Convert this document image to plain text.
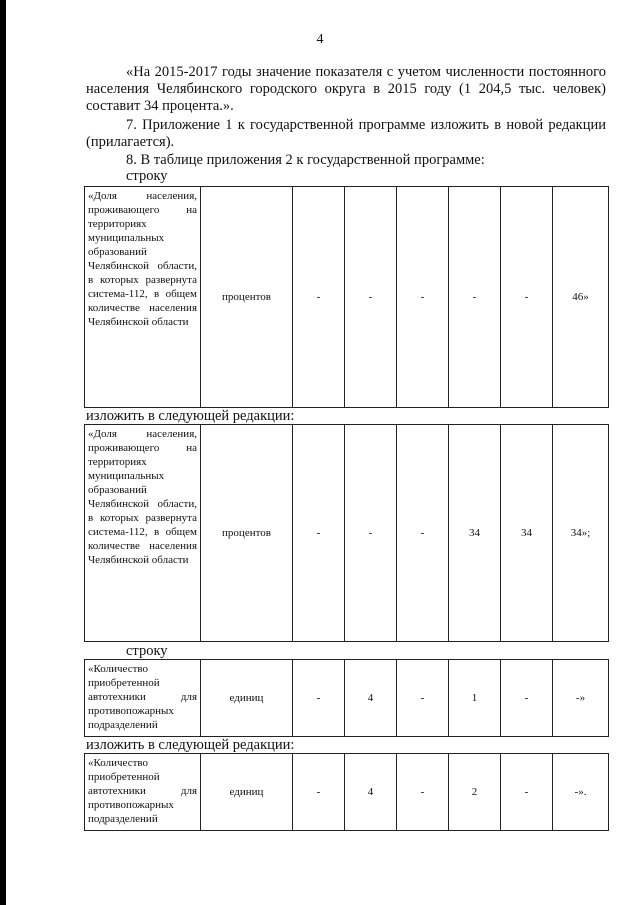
4

«На 2015-2017 годы значение показателя с учетом численности постоянного населения Челябинского городского округа в 2015 году (1 204,5 тыс. человек) составит 34 процента.».

7. Приложение 1 к государственной программе изложить в новой редакции (прилагается).

8. В таблице приложения 2 к государственной программе:

строку
«Доля населения, проживающего на территориях муниципальных образований Челябинской области, в которых развернута система-112, в общем количестве населения Челябинской области	процентов	-	-	-	-	-	46»
изложить в следующей редакции:
«Доля населения, проживающего на территориях муниципальных образований Челябинской области, в которых развернута система-112, в общем количестве населения Челябинской области	процентов	-	-	-	34	34	34»;
строку
«Количество приобретенной автотехники для противопожарных подразделений	единиц	-	4	-	1	-	-»
изложить в следующей редакции:
«Количество приобретенной автотехники для противопожарных подразделений	единиц	-	4	-	2	-	-».
